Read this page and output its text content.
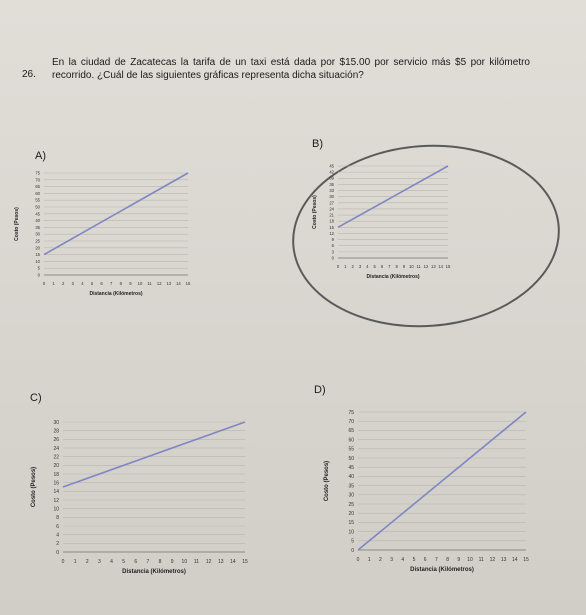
26.
En la ciudad de Zacatecas la tarifa de un taxi está dada por $15.00 por servicio más $5 por kilómetro recorrido. ¿Cuál de las siguientes gráficas representa dicha situación?
A)
B)
C)
D)
0
5
10
15
20
25
30
35
40
45
50
55
60
65
70
75
0 1 2 3 4 5 6 7 8 9 10 11 12 13 14 15
Distancia (Kilómetros)
Costo (Pesos)
0
3
6
9
12
15
18
21
24
27
30
33
36
39
42
45
0 1 2 3 4 5 6 7 8 9 10 11 12 13 14 15
Distancia (Kilómetros)
Costo (Pesos)
0
2
4
6
8
10
12
14
16
18
20
22
24
26
28
30
0 1 2 3 4 5 6 7 8 9 10 11 12 13 14 15
Distancia (Kilómetros)
Costo (Pesos)
0
5
10
15
20
25
30
35
40
45
50
55
60
65
70
75
0 1 2 3 4 5 6 7 8 9 10 11 12 13 14 15
Distancia (Kilómetros)
Costo (Pesos)
